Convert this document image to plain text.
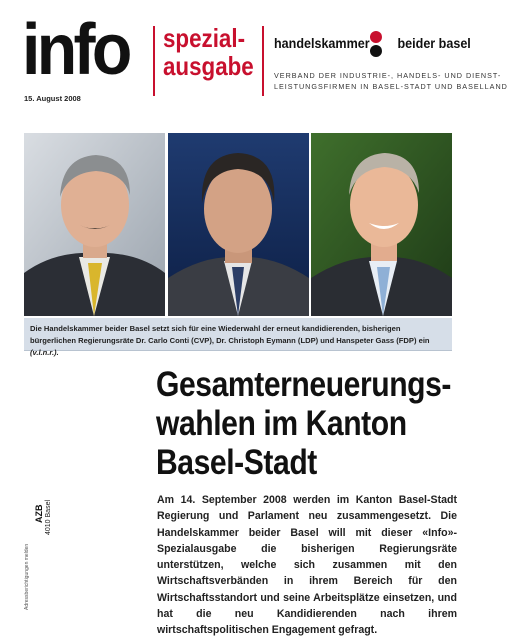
info
15. August 2008
spezial-
ausgabe
handelskammer beider basel
VERBAND DER INDUSTRIE-, HANDELS- UND DIENST-
LEISTUNGSFIRMEN IN BASEL-STADT UND BASELLAND

Die Handelskammer beider Basel setzt sich für eine Wiederwahl der erneut kandidierenden, bisherigen bürgerlichen Regierungsräte Dr. Carlo Conti (CVP), Dr. Christoph Eymann (LDP) und Hanspeter Gass (FDP) ein (v.l.n.r.).

Gesamterneuerungs-
wahlen im Kanton
Basel-Stadt
Am 14. September 2008 werden im Kanton Basel-Stadt Regierung und Parlament neu zusammengesetzt. Die Handelskammer beider Basel will mit dieser «Info»-Spezialausgabe die bisherigen Regierungsräte unterstützen, welche sich zusammen mit den Wirtschaftsverbänden in ihrem Bereich für den Wirtschaftsstandort und seine Arbeitsplätze einsetzen, und hat die neu Kandidierenden nach ihrem wirtschaftspolitischen Engagement gefragt.
AZB 4010 Basel
Adressberichtigungen melden
